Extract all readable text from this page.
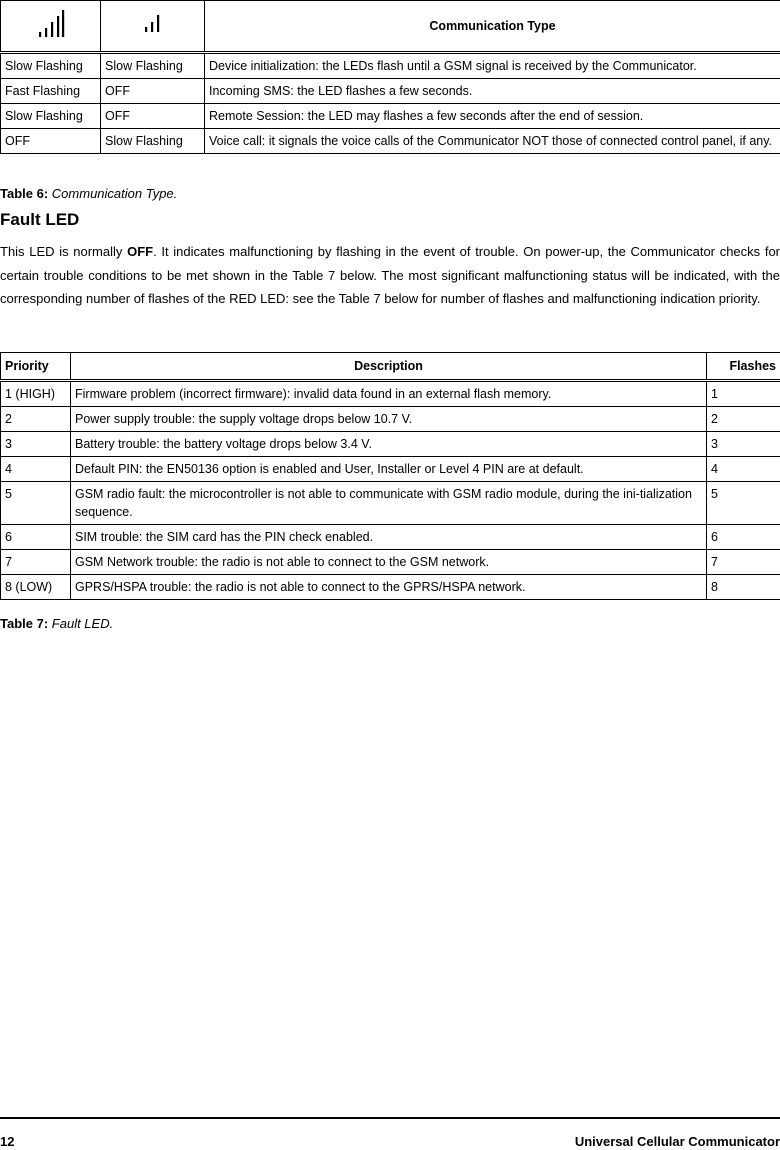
		Communication Type
Slow Flashing	Slow Flashing	Device initialization: the LEDs flash until a GSM signal is received by the Communicator.
Fast Flashing	OFF	Incoming SMS: the LED flashes a few seconds.
Slow Flashing	OFF	Remote Session: the LED may flashes a few seconds after the end of session.
OFF	Slow Flashing	Voice call: it signals the voice calls of the Communicator NOT those of connected control panel, if any.
Table 6: Communication Type.
Fault LED

This LED is normally OFF. It indicates malfunctioning by flashing in the event of trouble. On power-up, the Communicator checks for certain trouble conditions to be met shown in the Table 7 below. The most significant malfunctioning status will be indicated, with the corresponding number of flashes of the RED LED: see the Table 7 below for number of flashes and malfunctioning indication priority.

Priority	Description	Flashes
1 (HIGH)	Firmware problem (incorrect firmware): invalid data found in an external flash memory.	1
2	Power supply trouble: the supply voltage drops below 10.7 V.	2
3	Battery trouble: the battery voltage drops below 3.4 V.	3
4	Default PIN: the EN50136 option is enabled and User, Installer or Level 4 PIN are at default.	4
5	GSM radio fault: the microcontroller is not able to communicate with GSM radio module, during the ini-tialization sequence.	5
6	SIM trouble: the SIM card has the PIN check enabled.	6
7	GSM Network trouble: the radio is not able to connect to the GSM network.	7
8 (LOW)	GPRS/HSPA trouble: the radio is not able to connect to the GPRS/HSPA network.	8
Table 7: Fault LED.
12	Universal Cellular Communicator
